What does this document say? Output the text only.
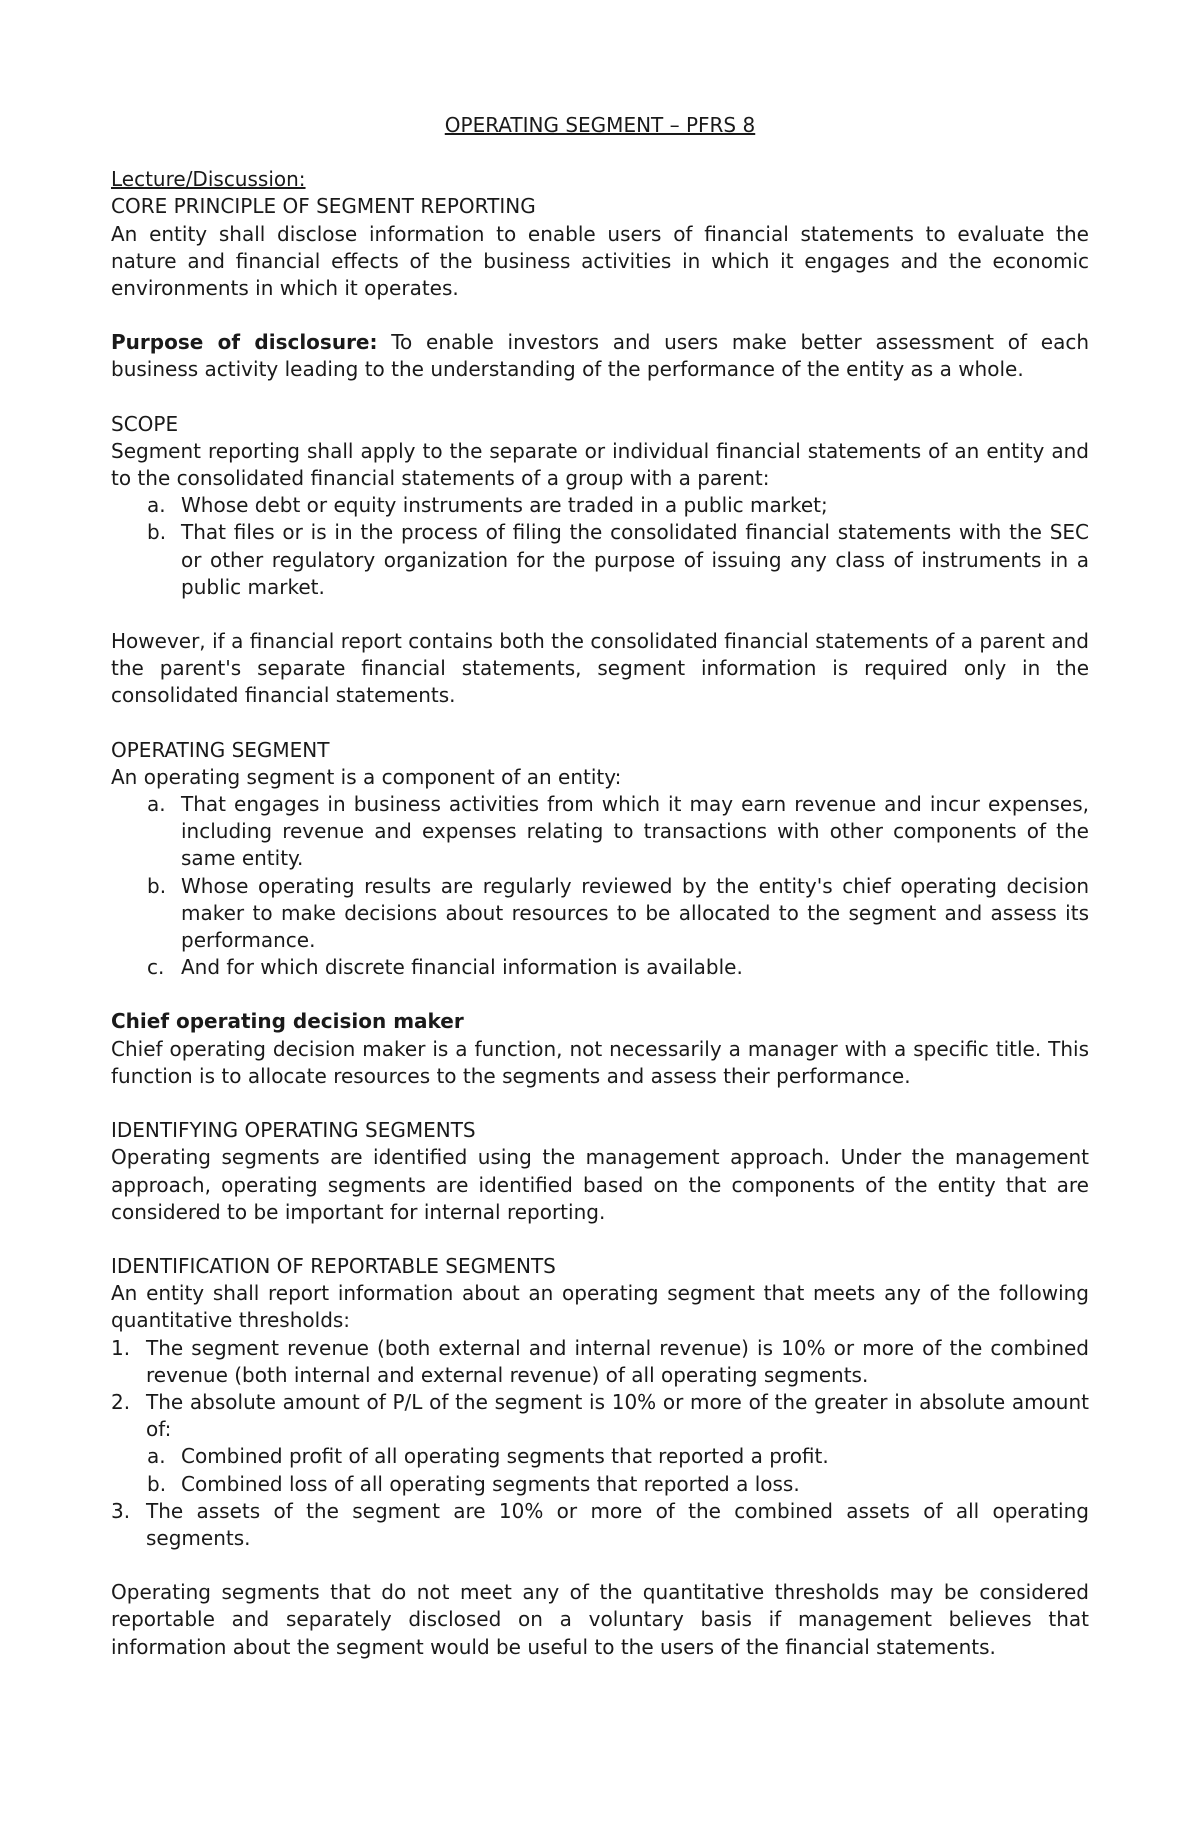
OPERATING SEGMENT – PFRS 8

Lecture/Discussion:

CORE PRINCIPLE OF SEGMENT REPORTING

An entity shall disclose information to enable users of financial statements to evaluate the nature and financial effects of the business activities in which it engages and the economic environments in which it operates.

Purpose of disclosure: To enable investors and users make better assessment of each business activity leading to the understanding of the performance of the entity as a whole.

SCOPE

Segment reporting shall apply to the separate or individual financial statements of an entity and to the consolidated financial statements of a group with a parent:

a. Whose debt or equity instruments are traded in a public market;
b. That files or is in the process of filing the consolidated financial statements with the SEC or other regulatory organization for the purpose of issuing any class of instruments in a public market.

However, if a financial report contains both the consolidated financial statements of a parent and the parent's separate financial statements, segment information is required only in the consolidated financial statements.

OPERATING SEGMENT

An operating segment is a component of an entity:

a. That engages in business activities from which it may earn revenue and incur expenses, including revenue and expenses relating to transactions with other components of the same entity.
b. Whose operating results are regularly reviewed by the entity's chief operating decision maker to make decisions about resources to be allocated to the segment and assess its performance.
c. And for which discrete financial information is available.

Chief operating decision maker

Chief operating decision maker is a function, not necessarily a manager with a specific title. This function is to allocate resources to the segments and assess their performance.

IDENTIFYING OPERATING SEGMENTS

Operating segments are identified using the management approach. Under the management approach, operating segments are identified based on the components of the entity that are considered to be important for internal reporting.

IDENTIFICATION OF REPORTABLE SEGMENTS

An entity shall report information about an operating segment that meets any of the following quantitative thresholds:

1. The segment revenue (both external and internal revenue) is 10% or more of the combined revenue (both internal and external revenue) of all operating segments.
2. The absolute amount of P/L of the segment is 10% or more of the greater in absolute amount of:
a. Combined profit of all operating segments that reported a profit.
b. Combined loss of all operating segments that reported a loss.
3. The assets of the segment are 10% or more of the combined assets of all operating segments.

Operating segments that do not meet any of the quantitative thresholds may be considered reportable and separately disclosed on a voluntary basis if management believes that information about the segment would be useful to the users of the financial statements.
